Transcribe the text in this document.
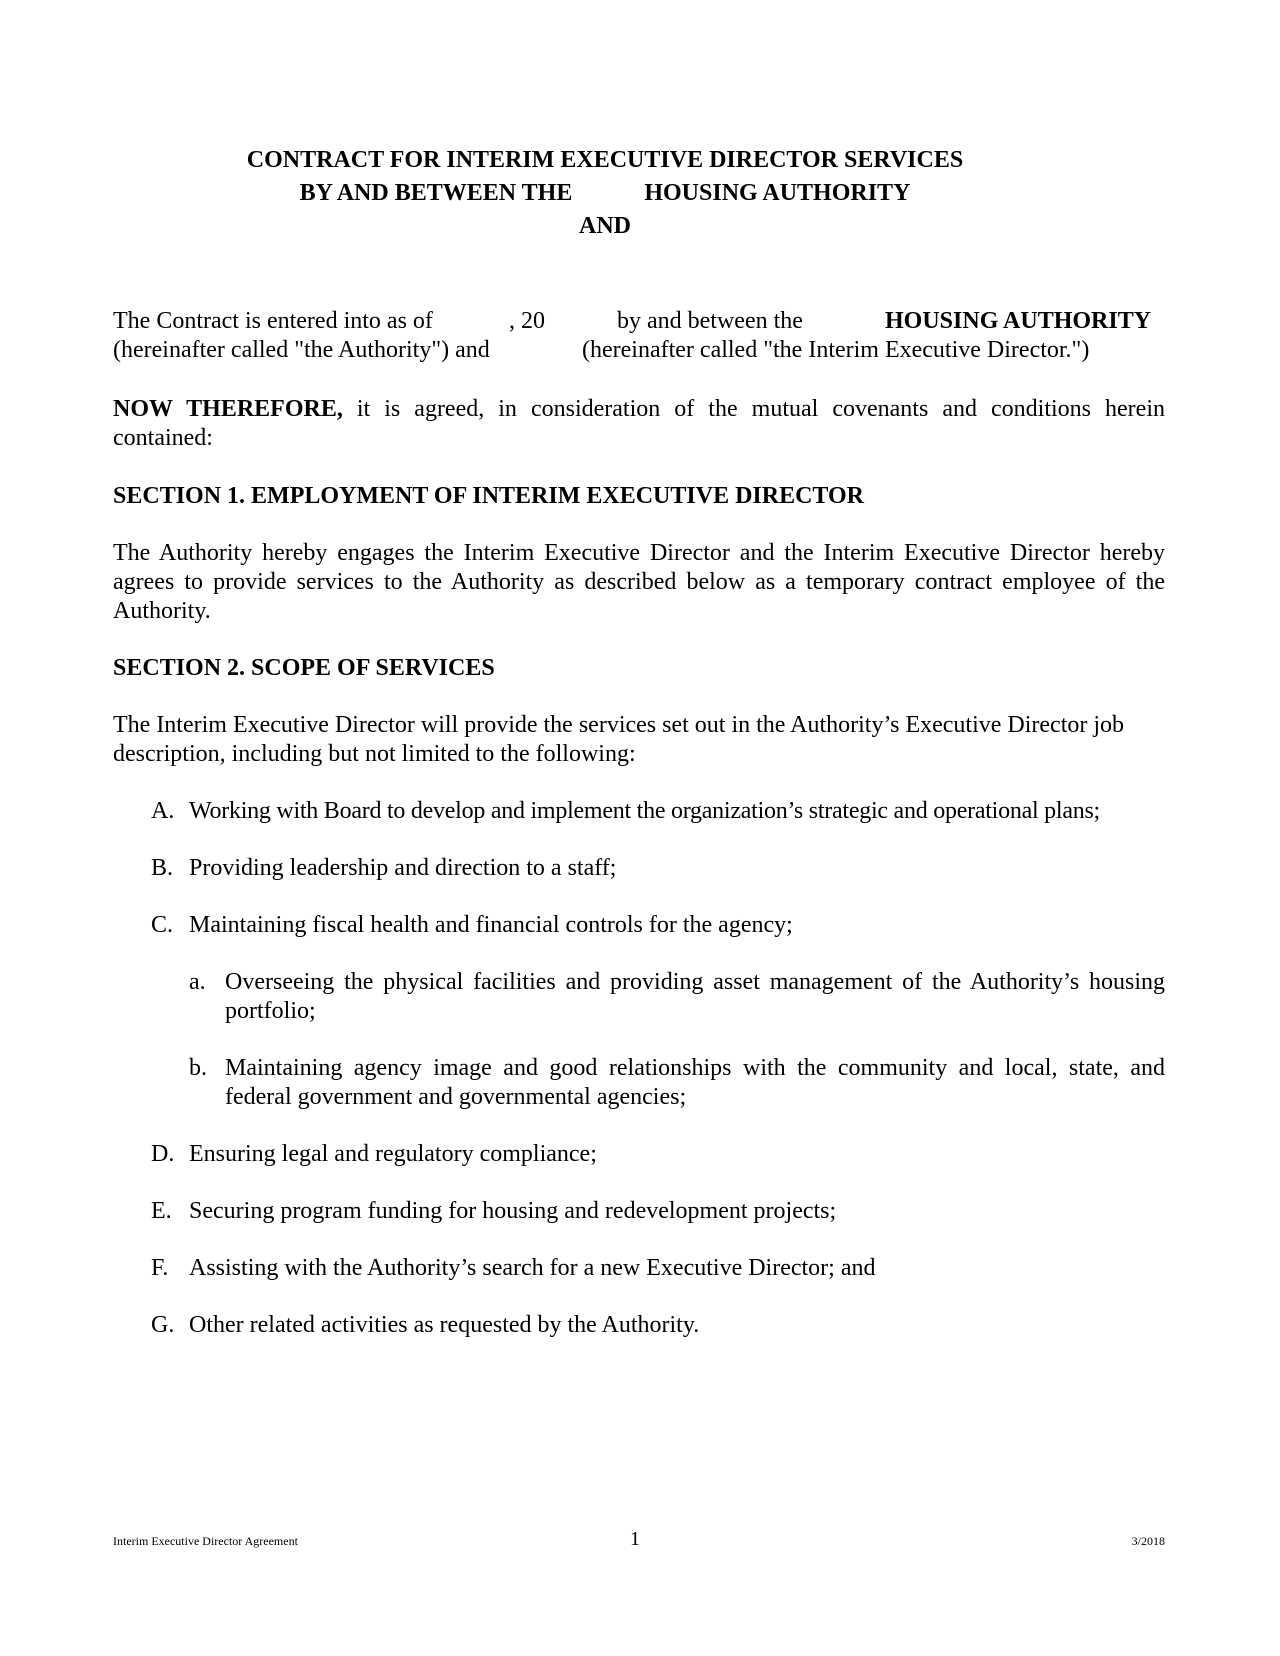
CONTRACT FOR INTERIM EXECUTIVE DIRECTOR SERVICES
BY AND BETWEEN THE	HOUSING AUTHORITY
AND
The Contract is entered into as of	, 20	by and between the	HOUSING AUTHORITY
(hereinafter called "the Authority") and	(hereinafter called "the Interim Executive Director.")
NOW THEREFORE, it is agreed, in consideration of the mutual covenants and conditions herein contained:
SECTION 1. EMPLOYMENT OF INTERIM EXECUTIVE DIRECTOR
The Authority hereby engages the Interim Executive Director and the Interim Executive Director hereby agrees to provide services to the Authority as described below as a temporary contract employee of the Authority.
SECTION 2. SCOPE OF SERVICES
The Interim Executive Director will provide the services set out in the Authority’s Executive Director job description, including but not limited to the following:
A. Working with Board to develop and implement the organization’s strategic and operational plans;
B. Providing leadership and direction to a staff;
C. Maintaining fiscal health and financial controls for the agency;
a. Overseeing the physical facilities and providing asset management of the Authority’s housing portfolio;
b. Maintaining agency image and good relationships with the community and local, state, and federal government and governmental agencies;
D. Ensuring legal and regulatory compliance;
E. Securing program funding for housing and redevelopment projects;
F. Assisting with the Authority’s search for a new Executive Director; and
G. Other related activities as requested by the Authority.
Interim Executive Director Agreement	1	3/2018
